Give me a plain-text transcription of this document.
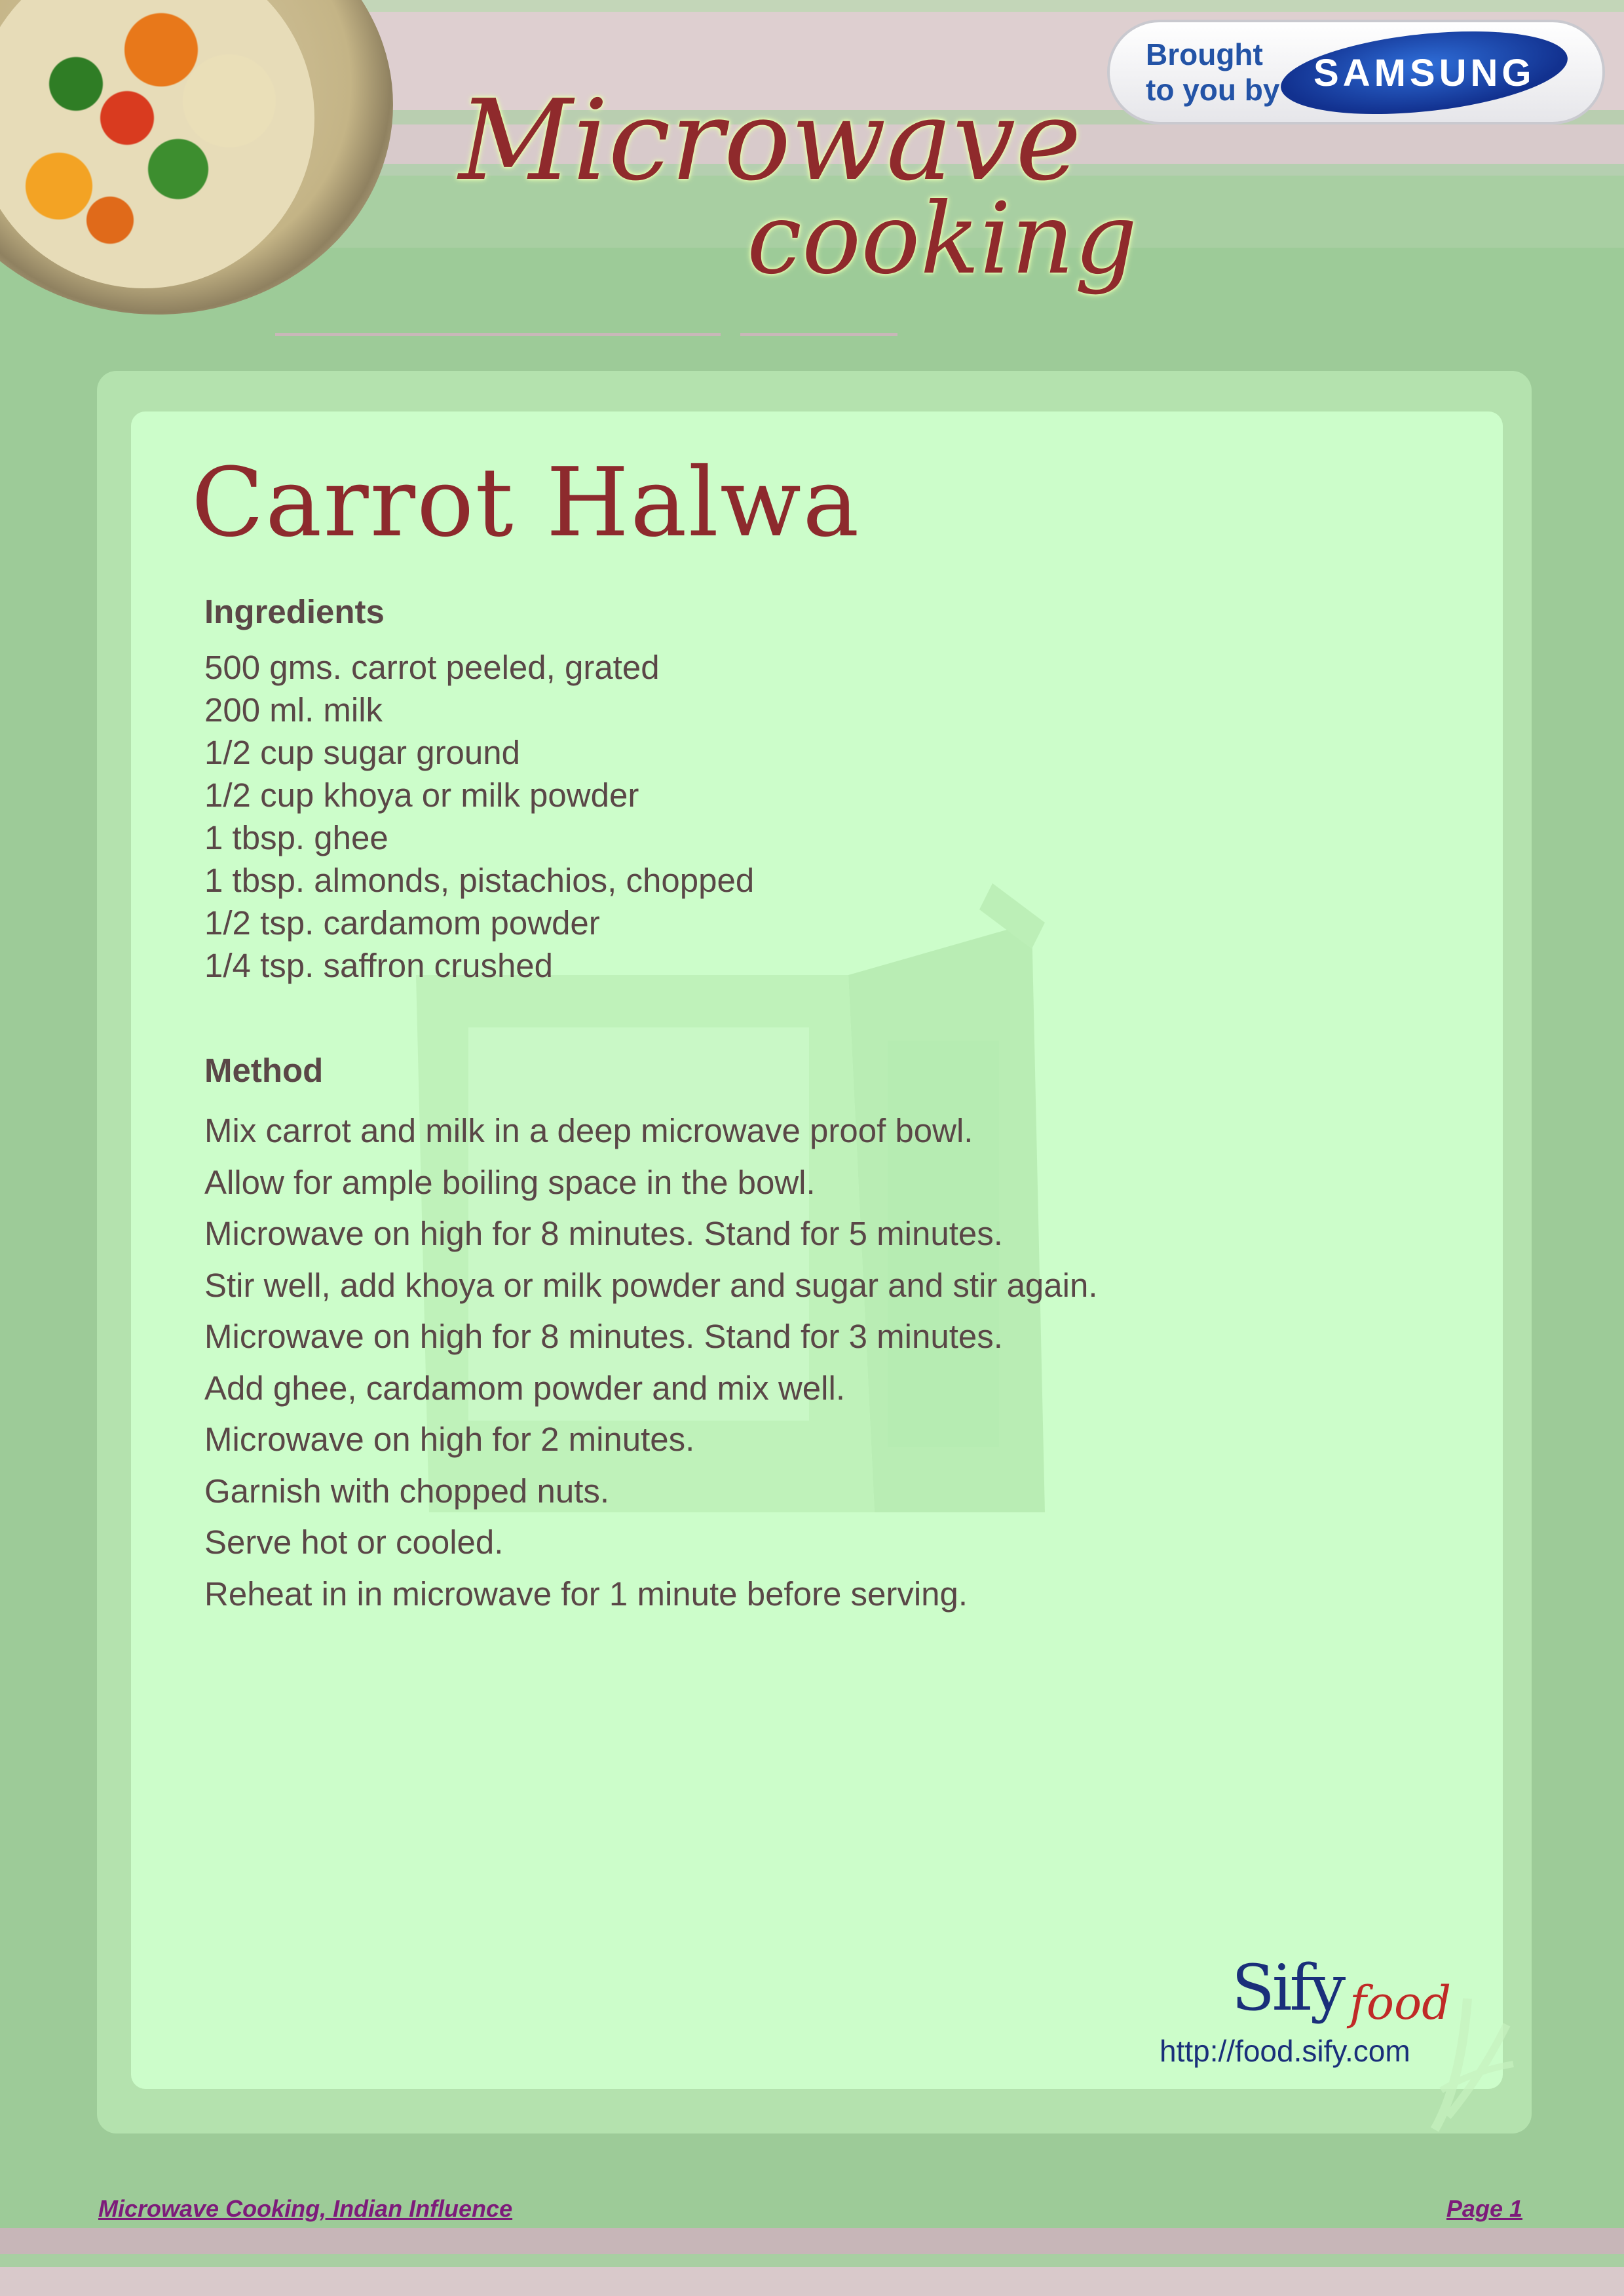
Microwave
cooking
Brought to you by SAMSUNG
Carrot Halwa
Ingredients
500 gms. carrot peeled, grated
200 ml. milk
1/2 cup sugar ground
1/2 cup khoya or milk powder
1 tbsp. ghee
1 tbsp. almonds, pistachios, chopped
1/2 tsp. cardamom powder
1/4 tsp. saffron crushed
Method
Mix carrot and milk in a deep microwave proof bowl.
Allow for ample boiling space in the bowl.
Microwave on high for 8 minutes. Stand for 5 minutes.
Stir well, add khoya or milk powder and sugar and stir again.
Microwave on high for 8 minutes. Stand for 3 minutes.
Add ghee, cardamom powder and mix well.
Microwave on high for 2 minutes.
Garnish with chopped nuts.
Serve hot or cooled.
Reheat in in microwave for 1 minute before serving.
Sify food
http://food.sify.com
Microwave Cooking, Indian Influence	Page 1
